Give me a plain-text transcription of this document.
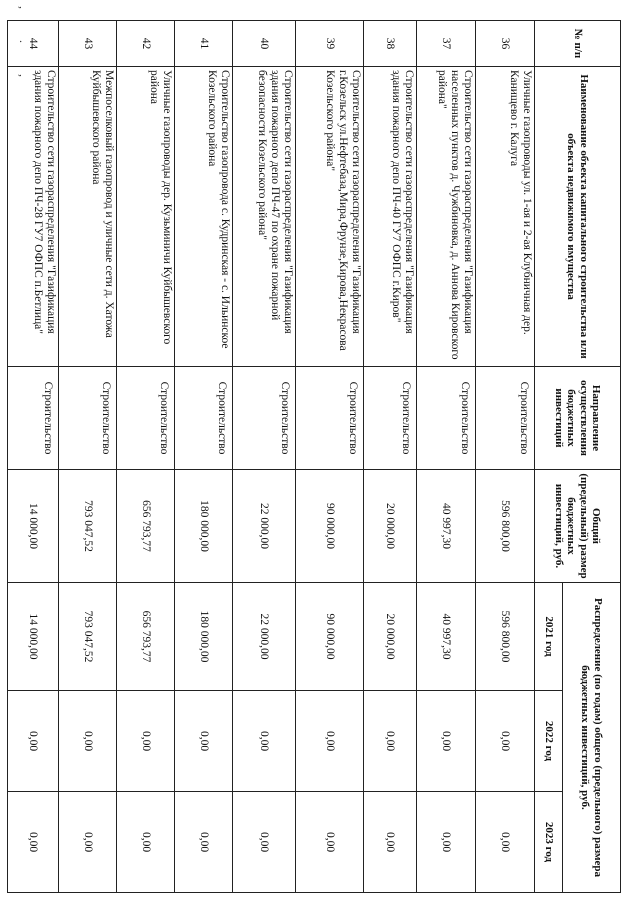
, . ,	№ п/п	Наименование объекта капитального строительства или объекта недвижимого имущества	Направление осуществления бюджетных инвестиций	Общий (предельный) размер бюджетных инвестиций, руб.	Распределение (по годам) общего (предельного) размера бюджетных инвестиций, руб.		
				2021 год	2022 год	2023 год
36	Уличные газопроводы ул. 1-ая и 2-ая Клубничная дер. Канищево г. Калуга	Строительство	596 800,00	596 800,00	0,00	0,00
37	Строительство сети газораспределения "Газификация населенных пунктов д. Чужбиновка, д. Аннова Кировского района"	Строительство	40 997,30	40 997,30	0,00	0,00
38	Строительство сети газораспределения "Газификация здания пожарного депо ПЧ-40 ГУ7 ОФПС г.Киров"	Строительство	20 000,00	20 000,00	0,00	0,00
39	Строительство сети газораспределения "Газификация г.Козельск ул.Нефтебаза,Мира,Фрунзе,Кирова,Некрасова Козельского района"	Строительство	90 000,00	90 000,00	0,00	0,00
40	Строительство сети газораспределения "Газификация здания пожарного депо ПЧ-47 по охране пожарной безопасности Козельского района"	Строительство	22 000,00	22 000,00	0,00	0,00
41	Строительство газопровода с. Кудринская - с. Ильинское Козельского района	Строительство	180 000,00	180 000,00	0,00	0,00
42	Уличные газопроводы дер. Кузьминичи Куйбышевского района	Строительство	656 793,77	656 793,77	0,00	0,00
43	Межпоселковый газопровод и уличные сети д. Хатожа Куйбышевского района	Строительство	793 047,52	793 047,52	0,00	0,00
44	Строительство сети газораспределения "Газификация здания пожарного депо ПЧ-28 ГУ7 ОФПС п.Бетлица"	Строительство	14 000,00	14 000,00	0,00	0,00
